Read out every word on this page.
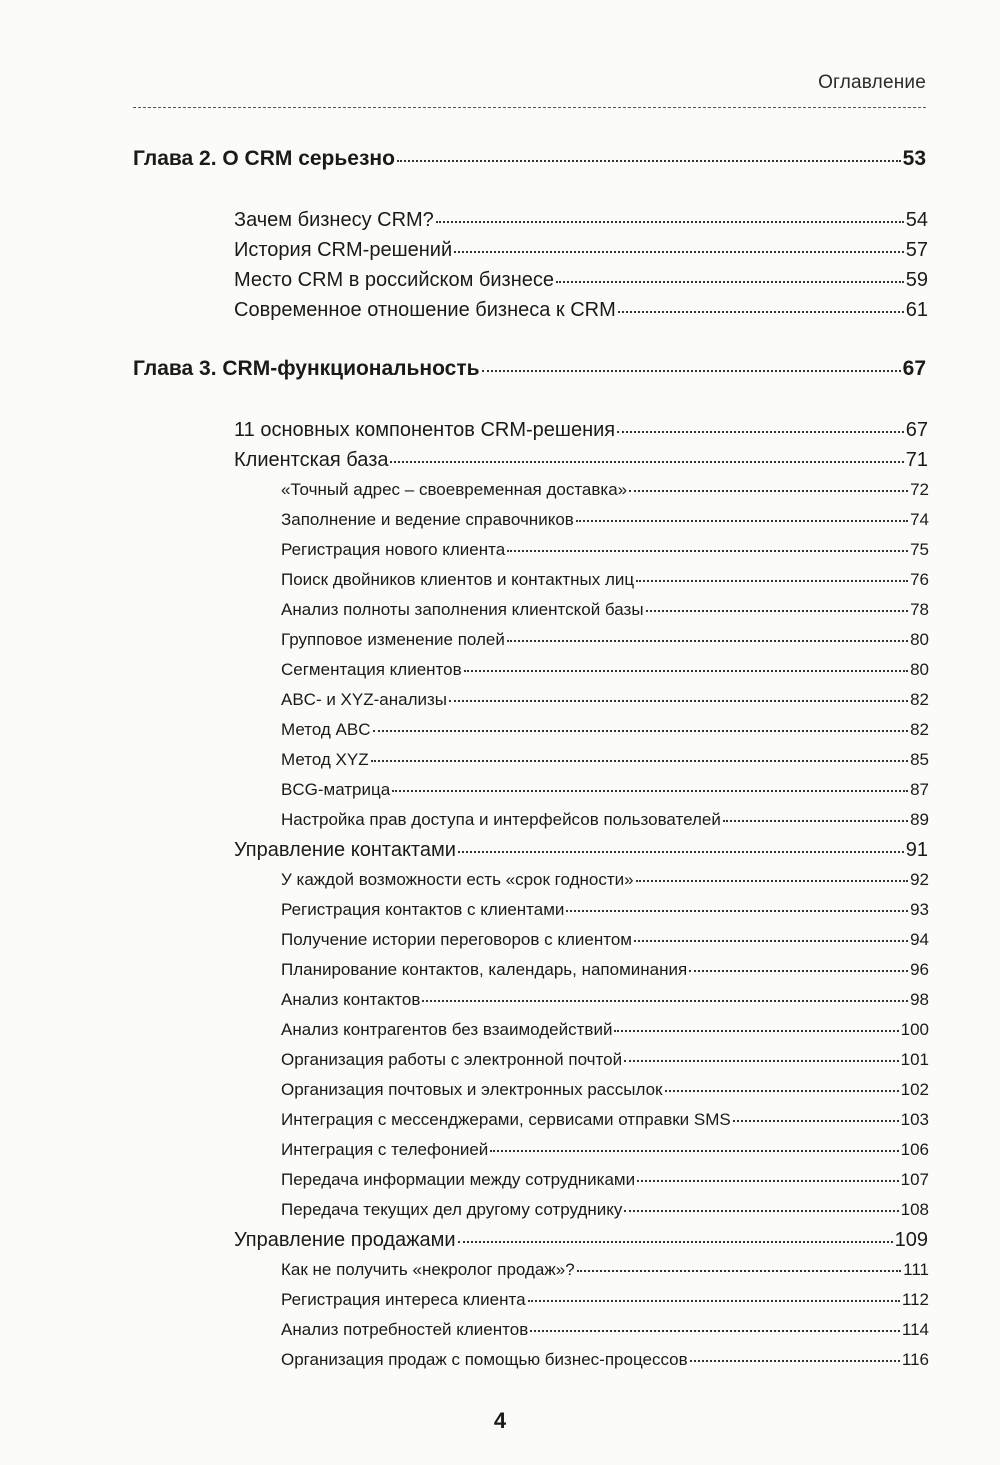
Оглавление
Глава 2. О CRM серьезно	53
Зачем бизнесу CRM?	54
История CRM-решений	57
Место CRM в российском бизнесе	59
Современное отношение бизнеса к CRM	61
Глава 3. CRM-функциональность	67
11 основных компонентов CRM-решения	67
Клиентская база	71
«Точный адрес – своевременная доставка»	72
Заполнение и ведение справочников	74
Регистрация нового клиента	75
Поиск двойников клиентов и контактных лиц	76
Анализ полноты заполнения клиентской базы	78
Групповое изменение полей	80
Сегментация клиентов	80
ABC- и XYZ-анализы	82
Метод ABC	82
Метод XYZ	85
BCG-матрица	87
Настройка прав доступа и интерфейсов пользователей	89
Управление контактами	91
У каждой возможности есть «срок годности»	92
Регистрация контактов с клиентами	93
Получение истории переговоров с клиентом	94
Планирование контактов, календарь, напоминания	96
Анализ контактов	98
Анализ контрагентов без взаимодействий	100
Организация работы с электронной почтой	101
Организация почтовых и электронных рассылок	102
Интеграция с мессенджерами, сервисами отправки SMS	103
Интеграция с телефонией	106
Передача информации между сотрудниками	107
Передача текущих дел другому сотруднику	108
Управление продажами	109
Как не получить «некролог продаж»?	111
Регистрация интереса клиента	112
Анализ потребностей клиентов	114
Организация продаж с помощью бизнес-процессов	116
4
